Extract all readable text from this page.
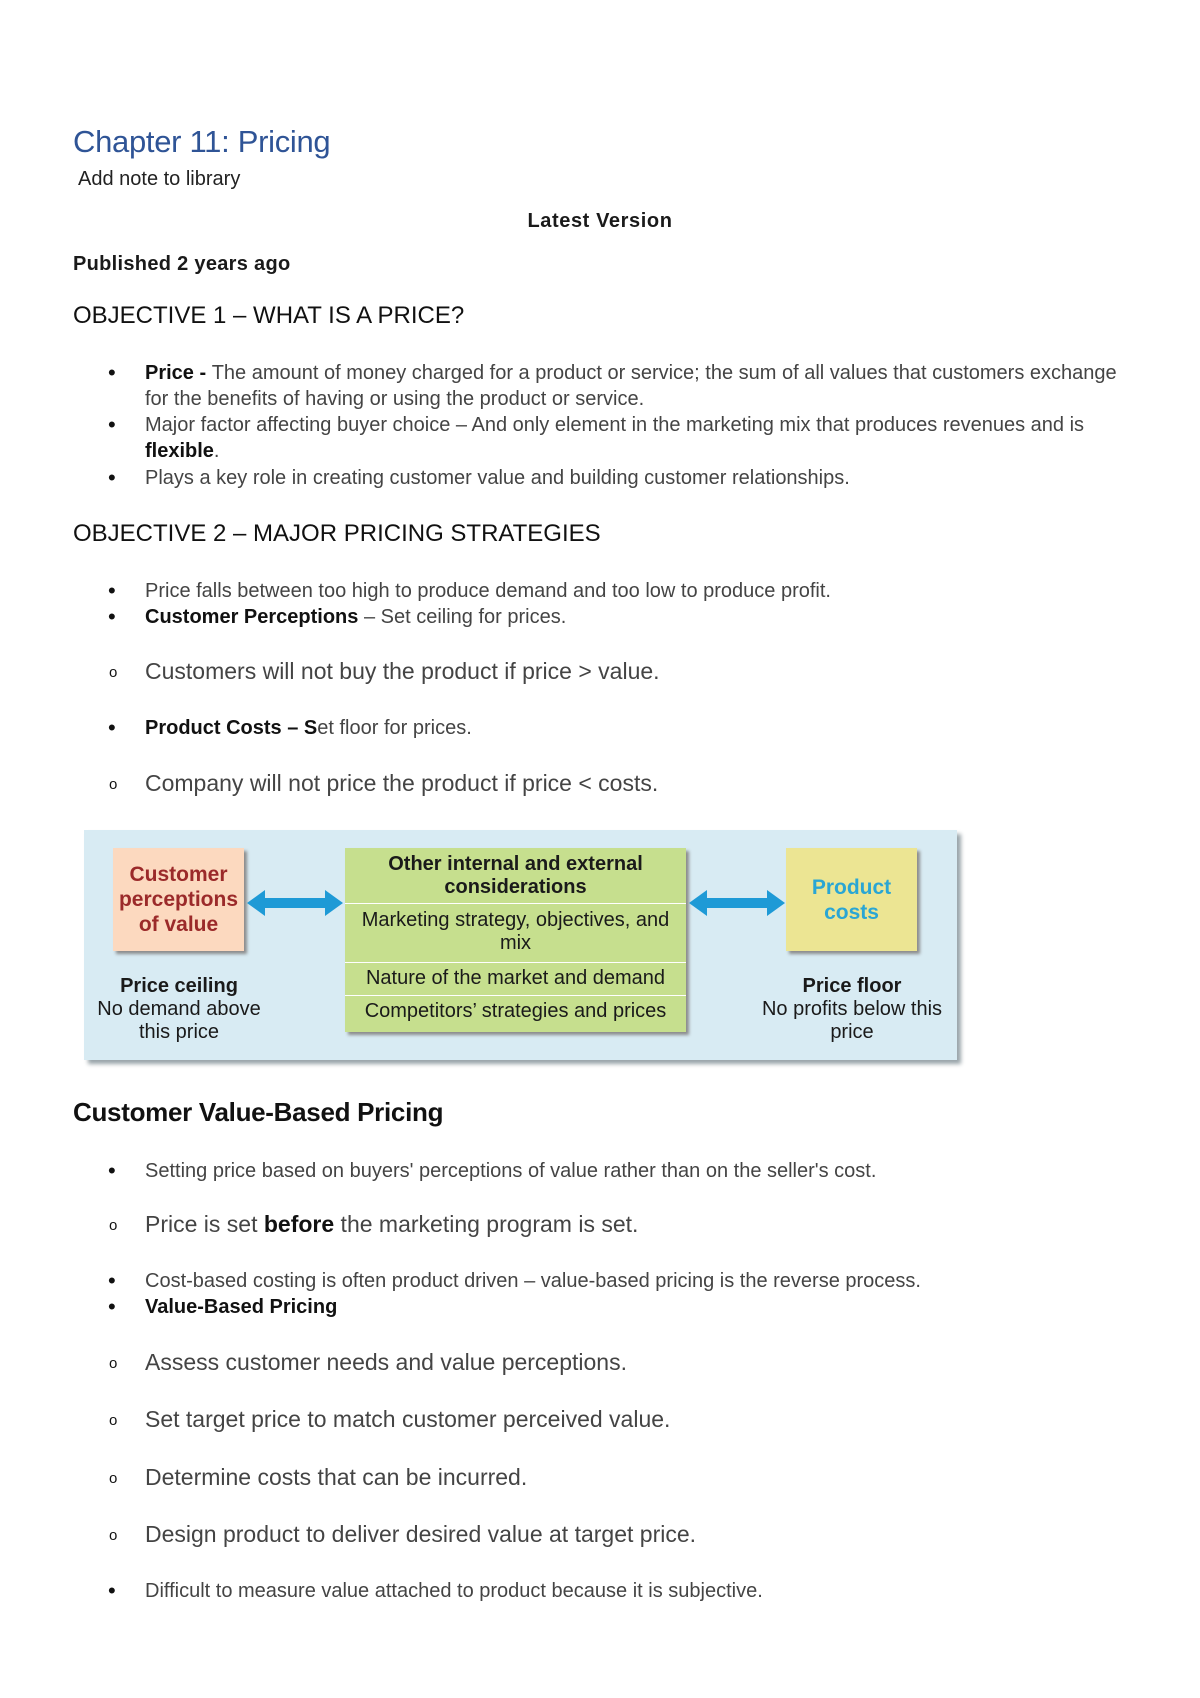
Chapter 11: Pricing
Add note to library
Latest Version
Published 2 years ago
OBJECTIVE 1 – WHAT IS A PRICE?
• Price - The amount of money charged for a product or service; the sum of all values that customers exchange for the benefits of having or using the product or service.
• Major factor affecting buyer choice – And only element in the marketing mix that produces revenues and is flexible.
• Plays a key role in creating customer value and building customer relationships.
OBJECTIVE 2 – MAJOR PRICING STRATEGIES
• Price falls between too high to produce demand and too low to produce profit.
• Customer Perceptions – Set ceiling for prices.
o Customers will not buy the product if price > value.
• Product Costs – Set floor for prices.
o Company will not price the product if price < costs.
Customer perceptions of value
Other internal and external considerations
Marketing strategy, objectives, and mix
Nature of the market and demand
Competitors’ strategies and prices
Product costs
Price ceiling
No demand above this price
Price floor
No profits below this price
Customer Value-Based Pricing
• Setting price based on buyers' perceptions of value rather than on the seller's cost.
o Price is set before the marketing program is set.
• Cost-based costing is often product driven – value-based pricing is the reverse process.
• Value-Based Pricing
o Assess customer needs and value perceptions.
o Set target price to match customer perceived value.
o Determine costs that can be incurred.
o Design product to deliver desired value at target price.
• Difficult to measure value attached to product because it is subjective.
